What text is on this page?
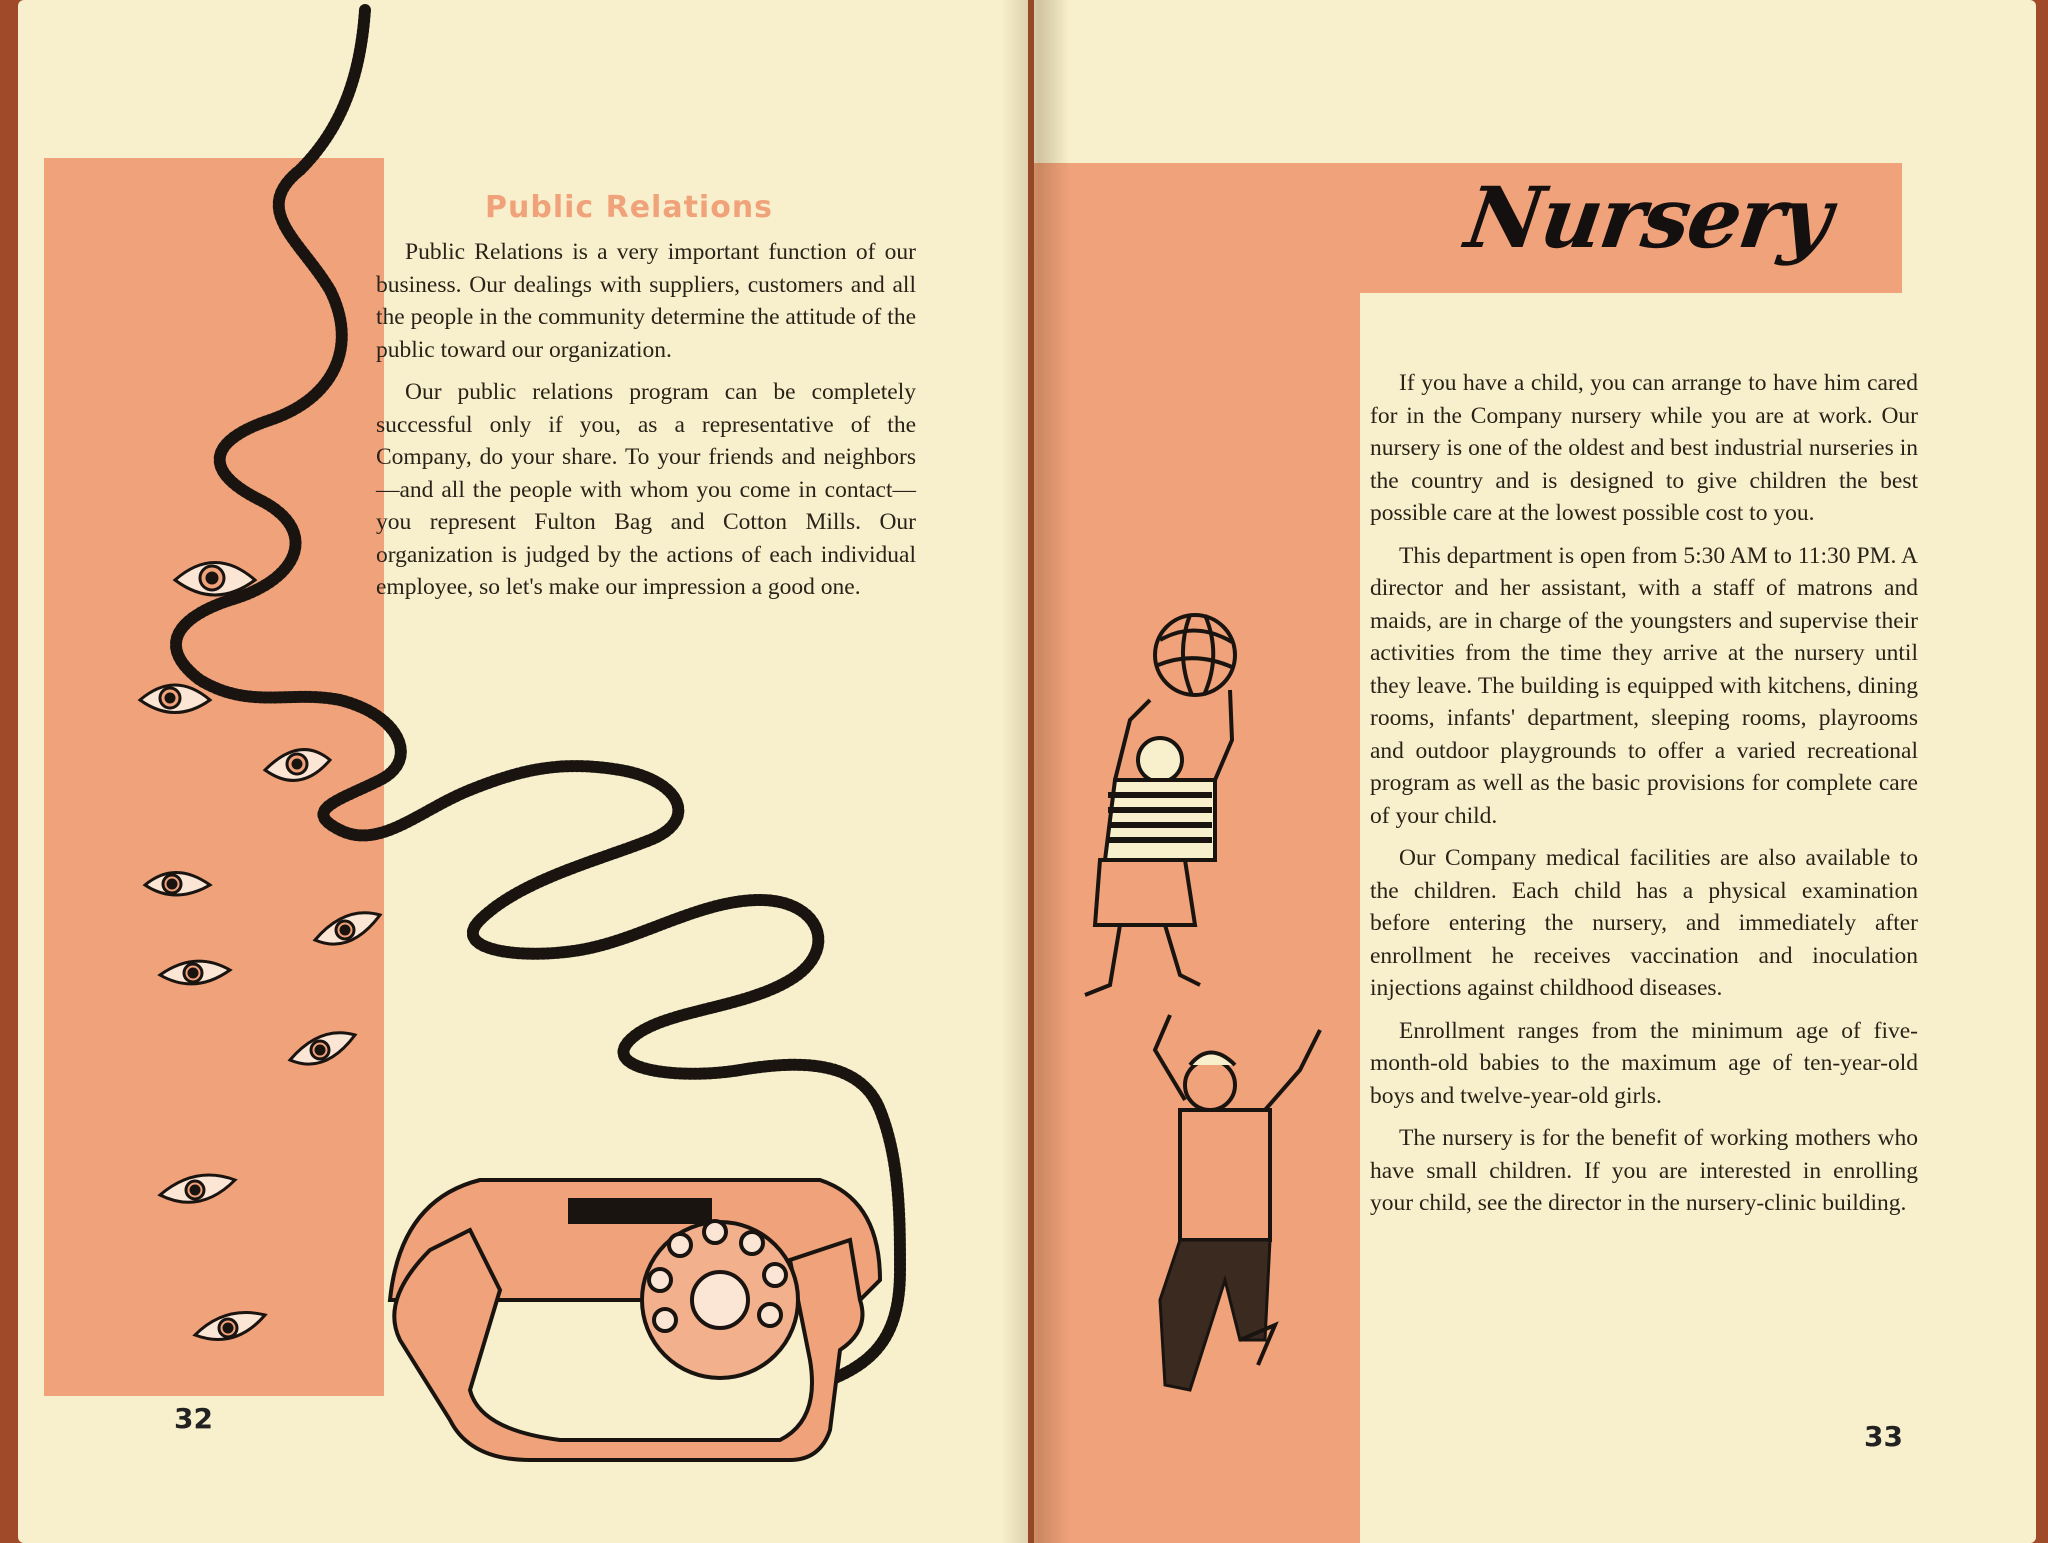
Public Relations

Public Relations is a very important function of our business. Our dealings with suppliers, customers and all the people in the community determine the attitude of the public toward our organization.

Our public relations program can be completely successful only if you, as a representative of the Company, do your share. To your friends and neighbors—and all the people with whom you come in contact—you represent Fulton Bag and Cotton Mills. Our organization is judged by the actions of each individual employee, so let's make our impression a good one.

32
Nursery

If you have a child, you can arrange to have him cared for in the Company nursery while you are at work. Our nursery is one of the oldest and best industrial nurseries in the country and is designed to give children the best possible care at the lowest possible cost to you.

This department is open from 5:30 AM to 11:30 PM. A director and her assistant, with a staff of matrons and maids, are in charge of the youngsters and supervise their activities from the time they arrive at the nursery until they leave. The building is equipped with kitchens, dining rooms, infants' department, sleeping rooms, playrooms and outdoor playgrounds to offer a varied recreational program as well as the basic provisions for complete care of your child.

Our Company medical facilities are also available to the children. Each child has a physical examination before entering the nursery, and immediately after enrollment he receives vaccination and inoculation injections against childhood diseases.

Enrollment ranges from the minimum age of five-month-old babies to the maximum age of ten-year-old boys and twelve-year-old girls.

The nursery is for the benefit of working mothers who have small children. If you are interested in enrolling your child, see the director in the nursery-clinic building.

33
